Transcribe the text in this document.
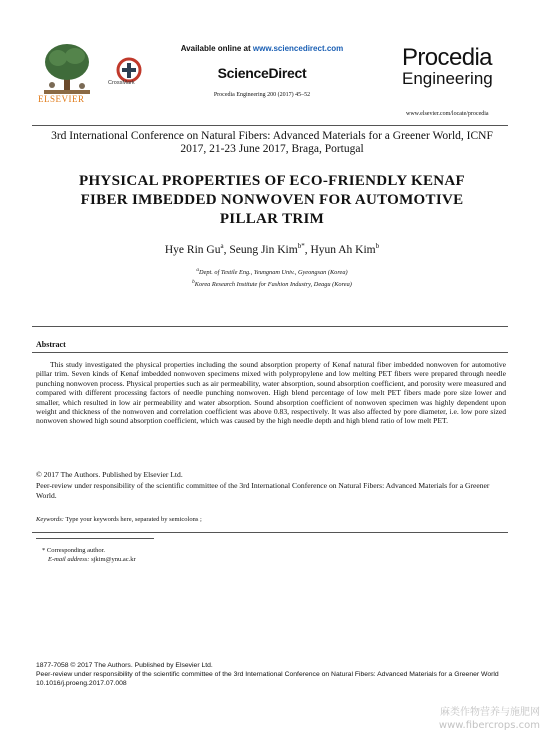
ELSEVIER
CrossMark
Available online at www.sciencedirect.com
ScienceDirect
Procedia Engineering 200 (2017) 45–52
Procedia
Engineering
www.elsevier.com/locate/procedia
3rd International Conference on Natural Fibers: Advanced Materials for a Greener World, ICNF
2017, 21-23 June 2017, Braga, Portugal
PHYSICAL PROPERTIES OF ECO-FRIENDLY KENAF
FIBER IMBEDDED NONWOVEN FOR AUTOMOTIVE
PILLAR TRIM
Hye Rin Gu$^a$, Seung Jin Kim$^{b*}$, Hyun Ah Kim$^b$
$^a$Dept. of Textile Eng., Yeungnam Univ., Gyeongsan (Korea)
$^b$Korea Research Institute for Fashion Industry, Deagu (Korea)
Abstract
This study investigated the physical properties including the sound absorption property of Kenaf natural fiber imbedded nonwoven for automotive pillar trim. Seven kinds of Kenaf imbedded nonwoven specimens mixed with polypropylene and low melting PET fibers were prepared through needle punching nonwoven process. Physical properties such as air permeability, water absorption, sound absorption coefficient, and porosity were measured and compared with different processing factors of needle punching nonwoven. High blend percentage of low melt PET fibers made pore size lower and smaller, which resulted in low air permeability and water absorption. Sound absorption coefficient of nonwoven specimen was highly dependent upon weight and thickness of the nonwoven and correlation coefficient was above 0.83, respectively. It was also affected by pore diameter, i.e. low pore sized nonwoven showed high sound absorption coefficient, which was caused by the high needle depth and high blend ratio of low melt PET.
© 2017 The Authors. Published by Elsevier Ltd.
Peer-review under responsibility of the scientific committee of the 3rd International Conference on Natural Fibers: Advanced Materials for a Greener World.
Keywords: Type your keywords here, separated by semicolons ;
* Corresponding author.
E-mail address: sjkim@ynu.ac.kr
1877-7058 © 2017 The Authors. Published by Elsevier Ltd.
Peer-review under responsibility of the scientific committee of the 3rd International Conference on Natural Fibers: Advanced Materials for a Greener World
10.1016/j.proeng.2017.07.008
麻类作物营养与施肥网
www.fibercrops.com
